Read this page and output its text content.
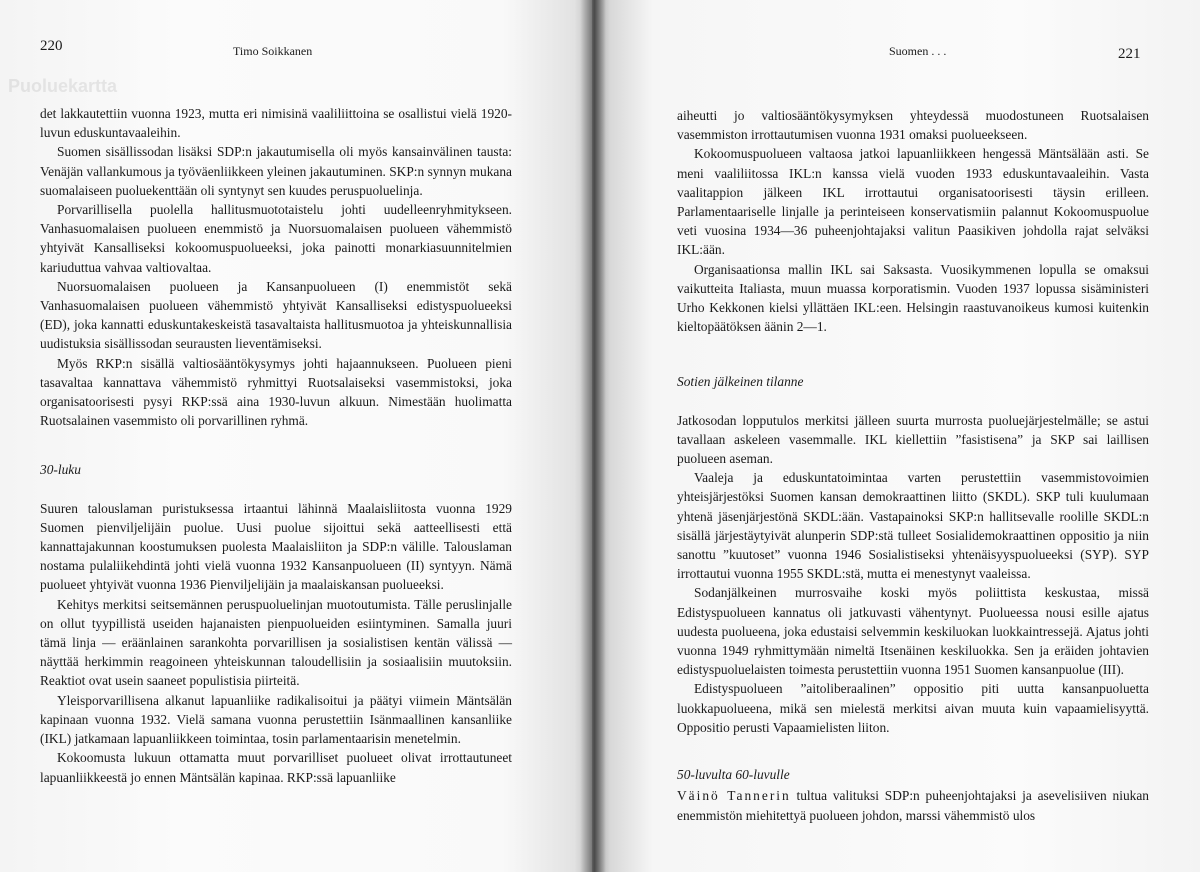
Puoluekartta
220	Timo Soikkanen

det lakkautettiin vuonna 1923, mutta eri nimisinä vaaliliittoina se osallistui vielä 1920-luvun eduskuntavaaleihin.

Suomen sisällissodan lisäksi SDP:n jakautumisella oli myös kansainvälinen tausta: Venäjän vallankumous ja työväenliikkeen yleinen jakautuminen. SKP:n synnyn mukana suomalaiseen puoluekenttään oli syntynyt sen kuudes peruspuoluelinja.

Porvarillisella puolella hallitusmuototaistelu johti uudelleenryhmitykseen. Vanhasuomalaisen puolueen enemmistö ja Nuorsuomalaisen puolueen vähemmistö yhtyivät Kansalliseksi kokoomuspuolueeksi, joka painotti monarkiasuunnitelmien kariuduttua vahvaa valtiovaltaa.

Nuorsuomalaisen puolueen ja Kansanpuolueen (I) enemmistöt sekä Vanhasuomalaisen puolueen vähemmistö yhtyivät Kansalliseksi edistyspuolueeksi (ED), joka kannatti eduskuntakeskeistä tasavaltaista hallitusmuotoa ja yhteiskunnallisia uudistuksia sisällissodan seurausten lieventämiseksi.

Myös RKP:n sisällä valtiosääntökysymys johti hajaannukseen. Puolueen pieni tasavaltaa kannattava vähemmistö ryhmittyi Ruotsalaiseksi vasemmistoksi, joka organisatoorisesti pysyi RKP:ssä aina 1930-luvun alkuun. Nimestään huolimatta Ruotsalainen vasemmisto oli porvarillinen ryhmä.

30-luku

Suuren talouslaman puristuksessa irtaantui lähinnä Maalaisliitosta vuonna 1929 Suomen pienviljelijäin puolue. Uusi puolue sijoittui sekä aatteellisesti että kannattajakunnan koostumuksen puolesta Maalaisliiton ja SDP:n välille. Talouslaman nostama pulaliikehdintä johti vielä vuonna 1932 Kansanpuolueen (II) syntyyn. Nämä puolueet yhtyivät vuonna 1936 Pienviljelijäin ja maalaiskansan puolueeksi.

Kehitys merkitsi seitsemännen peruspuoluelinjan muotoutumista. Tälle peruslinjalle on ollut tyypillistä useiden hajanaisten pienpuolueiden esiintyminen. Samalla juuri tämä linja — eräänlainen sarankohta porvarillisen ja sosialistisen kentän välissä — näyttää herkimmin reagoineen yhteiskunnan taloudellisiin ja sosiaalisiin muutoksiin. Reaktiot ovat usein saaneet populistisia piirteitä.

Yleisporvarillisena alkanut lapuanliike radikalisoitui ja päätyi viimein Mäntsälän kapinaan vuonna 1932. Vielä samana vuonna perustettiin Isänmaallinen kansanliike (IKL) jatkamaan lapuanliikkeen toimintaa, tosin parlamentaarisin menetelmin.

Kokoomusta lukuun ottamatta muut porvarilliset puolueet olivat irrottautuneet lapuanliikkeestä jo ennen Mäntsälän kapinaa. RKP:ssä lapuanliike

Suomen . . .	221

aiheutti jo valtiosääntökysymyksen yhteydessä muodostuneen Ruotsalaisen vasemmiston irrottautumisen vuonna 1931 omaksi puolueekseen.

Kokoomuspuolueen valtaosa jatkoi lapuanliikkeen hengessä Mäntsälään asti. Se meni vaaliliitossa IKL:n kanssa vielä vuoden 1933 eduskuntavaaleihin. Vasta vaalitappion jälkeen IKL irrottautui organisatoorisesti täysin erilleen. Parlamentaariselle linjalle ja perinteiseen konservatismiin palannut Kokoomuspuolue veti vuosina 1934—36 puheenjohtajaksi valitun Paasikiven johdolla rajat selväksi IKL:ään.

Organisaationsa mallin IKL sai Saksasta. Vuosikymmenen lopulla se omaksui vaikutteita Italiasta, muun muassa korporatismin. Vuoden 1937 lopussa sisäministeri Urho Kekkonen kielsi yllättäen IKL:een. Helsingin raastuvanoikeus kumosi kuitenkin kieltopäätöksen äänin 2—1.

Sotien jälkeinen tilanne

Jatkosodan lopputulos merkitsi jälleen suurta murrosta puoluejärjestelmälle; se astui tavallaan askeleen vasemmalle. IKL kiellettiin ”fasistisena” ja SKP sai laillisen puolueen aseman.

Vaaleja ja eduskuntatoimintaa varten perustettiin vasemmistovoimien yhteisjärjestöksi Suomen kansan demokraattinen liitto (SKDL). SKP tuli kuulumaan yhtenä jäsenjärjestönä SKDL:ään. Vastapainoksi SKP:n hallitsevalle roolille SKDL:n sisällä järjestäytyivät alunperin SDP:stä tulleet Sosialidemokraattinen oppositio ja niin sanottu ”kuutoset” vuonna 1946 Sosialistiseksi yhtenäisyyspuolueeksi (SYP). SYP irrottautui vuonna 1955 SKDL:stä, mutta ei menestynyt vaaleissa.

Sodanjälkeinen murrosvaihe koski myös poliittista keskustaa, missä Edistyspuolueen kannatus oli jatkuvasti vähentynyt. Puolueessa nousi esille ajatus uudesta puolueena, joka edustaisi selvemmin keskiluokan luokkaintressejä. Ajatus johti vuonna 1949 ryhmittymään nimeltä Itsenäinen keskiluokka. Sen ja eräiden johtavien edistyspuoluelaisten toimesta perustettiin vuonna 1951 Suomen kansanpuolue (III).

Edistyspuolueen ”aitoliberaalinen” oppositio piti uutta kansanpuoluetta luokkapuolueena, mikä sen mielestä merkitsi aivan muuta kuin vapaamielisyyttä. Oppositio perusti Vapaamielisten liiton.

50-luvulta 60-luvulle

Väinö Tannerin tultua valituksi SDP:n puheenjohtajaksi ja asevelisiiven niukan enemmistön miehitettyä puolueen johdon, marssi vähemmistö ulos
